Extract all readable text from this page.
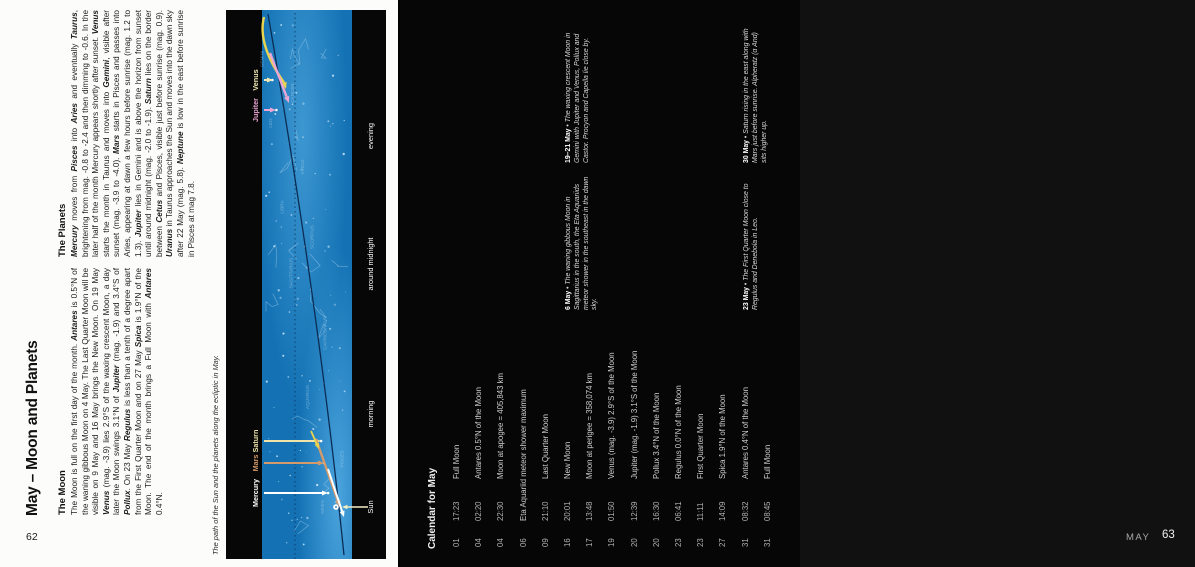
May – Moon and Planets The Moon The Moon is full on the first day of the month. Antares is 0.5°N of the waning gibbous Moon on 4 May. The Last Quarter Moon will be visible on 9 May and 16 May brings the New Moon. On 19 May Venus (mag. -3.9) lies 2.9°S of the waxing crescent Moon, a day later the Moon swings 3.1°N of Jupiter (mag. -1.9) and 3.4°S of Pollux. On 23 May Regulus is less than a tenth of a degree apart from the First Quarter Moon and on 27 May Spica is 1.9°N of the Moon. The end of the month brings a Full Moon with Antares 0.4°N.

The Planets Mercury moves from Pisces into Aries and eventually Taurus, brightening from mag. -0.8 to -2.4 and then dimming to -0.6. In the later half of the month Mercury appears shortly after sunset. Venus starts the month in Taurus and moves into Gemini, visible after sunset (mag. -3.9 to -4.0). Mars starts in Pisces and passes into Aries, appearing at dawn a few hours before sunrise (mag. 1.2 to 1.3). Jupiter lies in Gemini and is above the horizon from sunset until around midnight (mag. -2.0 to -1.9). Saturn lies on the border between Cetus and Pisces, visible just before sunrise (mag. 0.9). Uranus in Taurus approaches the Sun and moves into the dawn sky after 22 May (mag. 5.8). Neptune is low in the east before sunrise in Pisces at mag 7.8.

The path of the Sun and the planets along the ecliptic in May.	ARIES
PISCES
AQUARIUS
CAPRICORNUS
SAGITTARIUS
SCORPIUS
LIBRA
VIRGO
LEO
CANCER
GEMINI
Mercury
Mars
Saturn
Jupiter
Venus
Sun
morning
around midnight
evening
62	Calendar for May 01
17:23
Full Moon
04
02:20
Antares 0.5°N of the Moon
04
22:30
Moon at apogee = 405,843 km
06
Eta Aquariid meteor shower maximum
09
21:10
Last Quarter Moon
16
20:01
New Moon
17
13:48
Moon at perigee = 358,074 km
19
01:50
Venus (mag. -3.9) 2.9°S of the Moon
20
12:39
Jupiter (mag. -1.9) 3.1°S of the Moon
20
16:30
Pollux 3.4°N of the Moon
23
06:41
Regulus 0.0°N of the Moon
23
11:11
First Quarter Moon
27
14:09
Spica 1.9°N of the Moon
31
08:32
Antares 0.4°N of the Moon
31
08:45
Full Moon
6 May • The waning gibbous Moon in Sagittarius in the south, the Eta Aquariids meteor shower in the southeast in the dawn sky.
19–21 May • The waxing crescent Moon in Gemini with Jupiter and Venus, Pollux and Castor. Procyon and Capella lie close by.
23 May • The First Quarter Moon close to Regulus and Denebola in Leo.
30 May • Saturn rising in the east along with Mars just before sunrise. Alpheratz (α And) sits higher up.
MAY 63
